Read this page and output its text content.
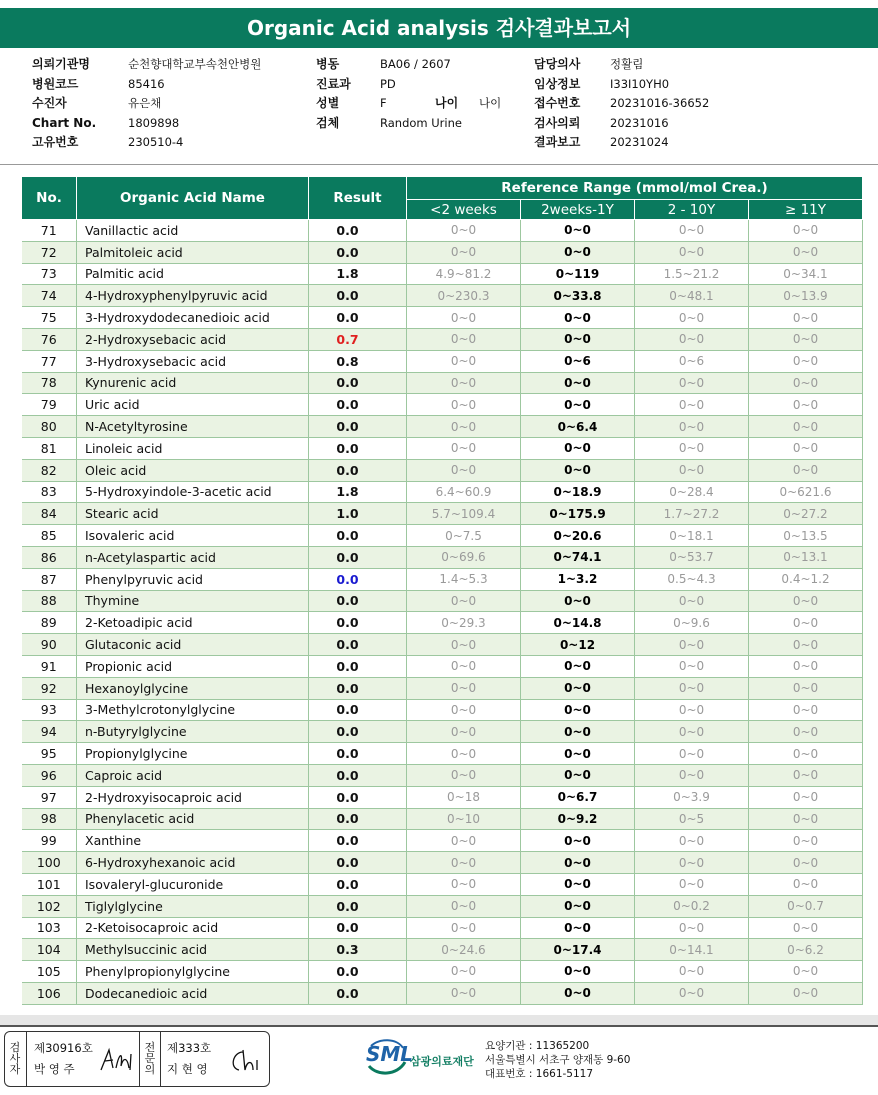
Organic Acid analysis 검사결과보고서
의뢰기관명	순천향대학교부속천안병원
병원코드	85416
수진자	유은채
Chart No.	1809898
고유번호	230510-4
병동	BA06 / 2607
진료과	PD
성별	F	나이 나이
검체	Random Urine
담당의사	정활림
임상정보	I33I10YH0
접수번호	20231016-36652
검사의뢰	20231016
결과보고	20231024
No.	Organic Acid Name	Result	Reference Range (mmol/mol Crea.)			
			<2 weeks	2weeks-1Y	2 - 10Y	≥ 11Y
71	Vanillactic acid	0.0	0~0	0~0	0~0	0~0
72	Palmitoleic acid	0.0	0~0	0~0	0~0	0~0
73	Palmitic acid	1.8	4.9~81.2	0~119	1.5~21.2	0~34.1
74	4-Hydroxyphenylpyruvic acid	0.0	0~230.3	0~33.8	0~48.1	0~13.9
75	3-Hydroxydodecanedioic acid	0.0	0~0	0~0	0~0	0~0
76	2-Hydroxysebacic acid	0.7	0~0	0~0	0~0	0~0
77	3-Hydroxysebacic acid	0.8	0~0	0~6	0~6	0~0
78	Kynurenic acid	0.0	0~0	0~0	0~0	0~0
79	Uric acid	0.0	0~0	0~0	0~0	0~0
80	N-Acetyltyrosine	0.0	0~0	0~6.4	0~0	0~0
81	Linoleic acid	0.0	0~0	0~0	0~0	0~0
82	Oleic acid	0.0	0~0	0~0	0~0	0~0
83	5-Hydroxyindole-3-acetic acid	1.8	6.4~60.9	0~18.9	0~28.4	0~621.6
84	Stearic acid	1.0	5.7~109.4	0~175.9	1.7~27.2	0~27.2
85	Isovaleric acid	0.0	0~7.5	0~20.6	0~18.1	0~13.5
86	n-Acetylaspartic acid	0.0	0~69.6	0~74.1	0~53.7	0~13.1
87	Phenylpyruvic acid	0.0	1.4~5.3	1~3.2	0.5~4.3	0.4~1.2
88	Thymine	0.0	0~0	0~0	0~0	0~0
89	2-Ketoadipic acid	0.0	0~29.3	0~14.8	0~9.6	0~0
90	Glutaconic acid	0.0	0~0	0~12	0~0	0~0
91	Propionic acid	0.0	0~0	0~0	0~0	0~0
92	Hexanoylglycine	0.0	0~0	0~0	0~0	0~0
93	3-Methylcrotonylglycine	0.0	0~0	0~0	0~0	0~0
94	n-Butyrylglycine	0.0	0~0	0~0	0~0	0~0
95	Propionylglycine	0.0	0~0	0~0	0~0	0~0
96	Caproic acid	0.0	0~0	0~0	0~0	0~0
97	2-Hydroxyisocaproic acid	0.0	0~18	0~6.7	0~3.9	0~0
98	Phenylacetic acid	0.0	0~10	0~9.2	0~5	0~0
99	Xanthine	0.0	0~0	0~0	0~0	0~0
100	6-Hydroxyhexanoic acid	0.0	0~0	0~0	0~0	0~0
101	Isovaleryl-glucuronide	0.0	0~0	0~0	0~0	0~0
102	Tiglylglycine	0.0	0~0	0~0	0~0.2	0~0.7
103	2-Ketoisocaproic acid	0.0	0~0	0~0	0~0	0~0
104	Methylsuccinic acid	0.3	0~24.6	0~17.4	0~14.1	0~6.2
105	Phenylpropionylglycine	0.0	0~0	0~0	0~0	0~0
106	Dodecanedioic acid	0.0	0~0	0~0	0~0	0~0
검
사
자
제30916호
박 영 주
전
문
의
제333호
지 현 영
SML
삼광의료재단
요양기관 : 11365200
서울특별시 서초구 양재동 9-60
대표번호 : 1661-5117
